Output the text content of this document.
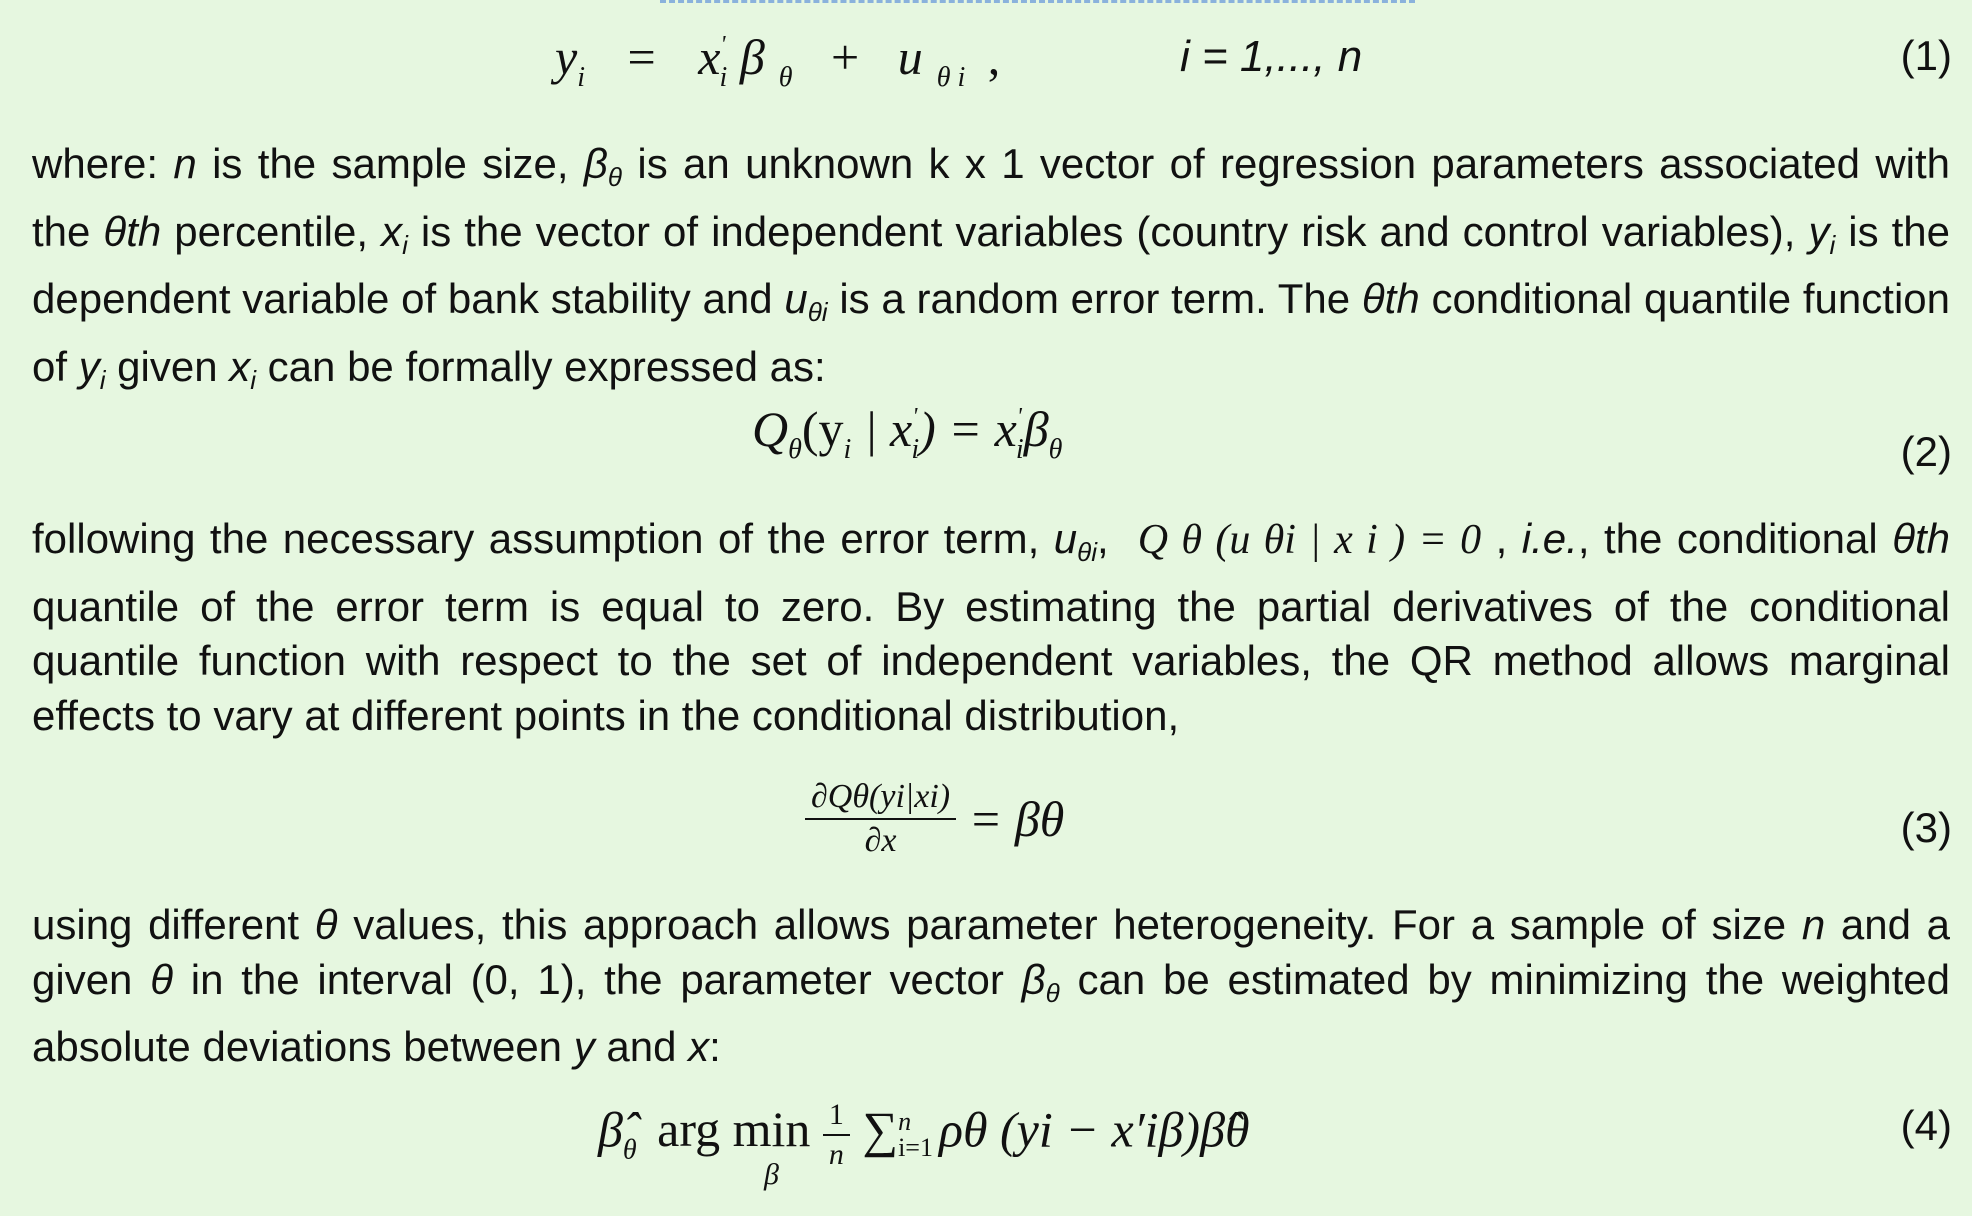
$y_i = x'_i$ β $_\theta$ + u $_{\theta i}$ ,	i = 1,..., n	(1)

where: n is the sample size, $\beta_\theta$ is an unknown k x 1 vector of regression parameters associated with the θth percentile, $x_i$ is the vector of independent variables (country risk and control variables), $y_i$ is the dependent variable of bank stability and $u_{\theta i}$ is a random error term. The θth conditional quantile function of $y_i$ given $x_i$ can be formally expressed as:

$Q_\theta(y_i$ | $x'_i) = x'_i\beta_\theta$	(2)

following the necessary assumption of the error term, $u_{\theta i}$, Q θ (u θi | x i ) = 0 , i.e., the conditional θth quantile of the error term is equal to zero. By estimating the partial derivatives of the conditional quantile function with respect to the set of independent variables, the QR method allows marginal effects to vary at different points in the conditional distribution,

$\frac{\partial Q\theta(yi|xi)}{\partial x} = \beta\theta$	(3)

using different θ values, this approach allows parameter heterogeneity. For a sample of size n and a given θ in the interval (0, 1), the parameter vector $\beta_\theta$ can be estimated by minimizing the weighted absolute deviations between y and x:

$\betâ_\theta$ arg min
β

$\frac{1}{n}$ ∑ n
i=1 ρθ (yi − x′iβ)β̂θ	(4)
